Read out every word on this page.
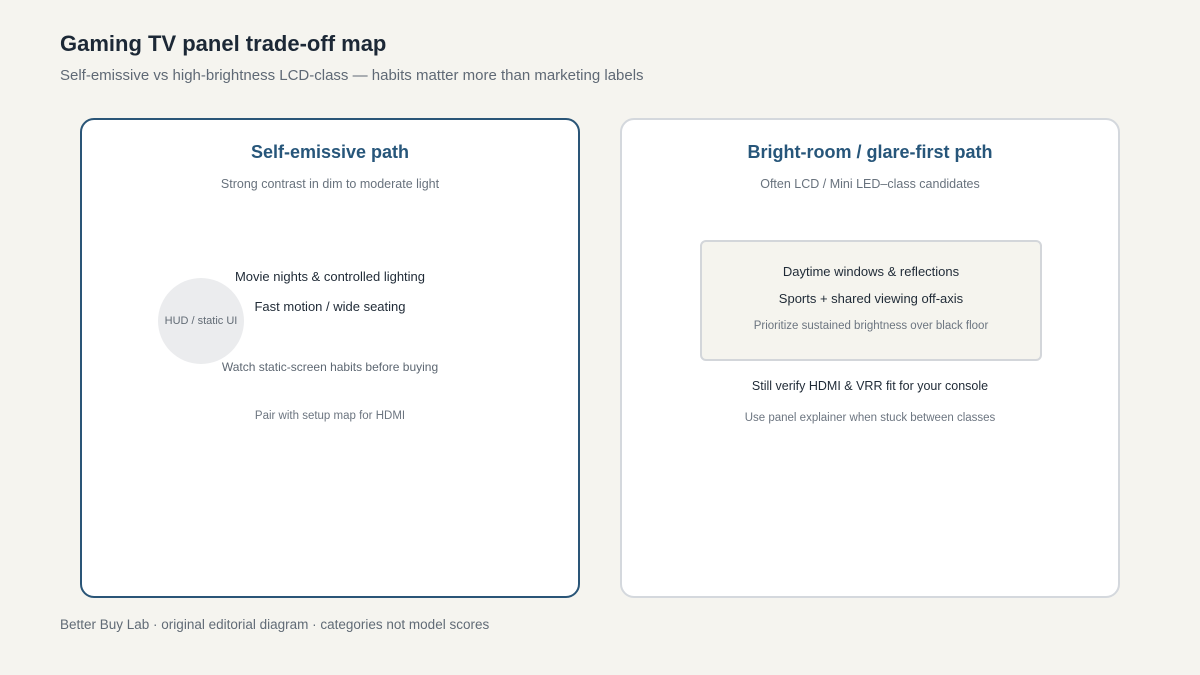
Gaming TV panel trade-off map
Self-emissive vs high-brightness LCD-class — habits matter more than marketing labels
Self-emissive path
Strong contrast in dim to moderate light
HUD / static UI
Movie nights & controlled lighting
Fast motion / wide seating
Watch static-screen habits before buying
Pair with setup map for HDMI
Bright-room / glare-first path
Often LCD / Mini LED–class candidates
Daytime windows & reflections
Sports + shared viewing off-axis
Prioritize sustained brightness over black floor
Still verify HDMI & VRR fit for your console
Use panel explainer when stuck between classes
Better Buy Lab · original editorial diagram · categories not model scores
